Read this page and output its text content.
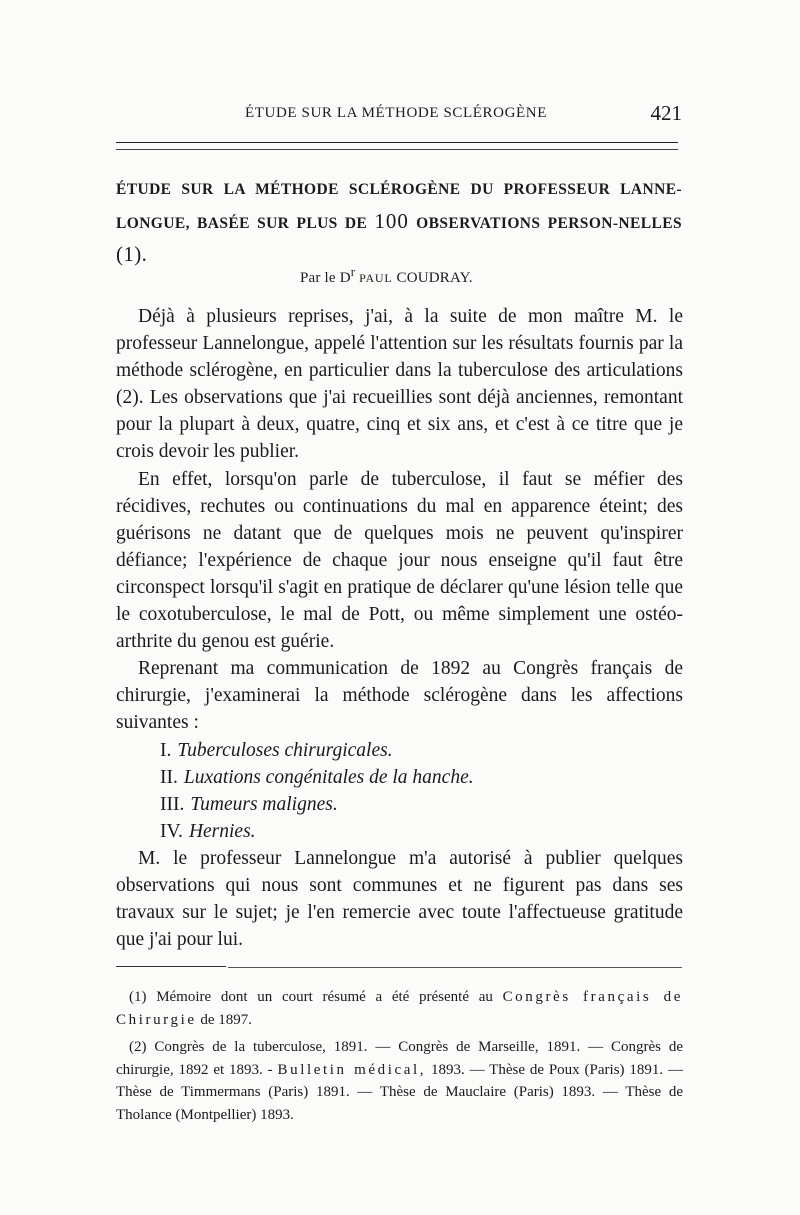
ÉTUDE SUR LA MÉTHODE SCLÉROGÈNE	421

ÉTUDE SUR LA MÉTHODE SCLÉROGÈNE DU PROFESSEUR LANNE-LONGUE, BASÉE SUR PLUS DE 100 OBSERVATIONS PERSON-NELLES (1).

Par le $D^r$ PAUL COUDRAY.

Déjà à plusieurs reprises, j'ai, à la suite de mon maître M. le professeur Lannelongue, appelé l'attention sur les résultats fournis par la méthode sclérogène, en particulier dans la tuberculose des articulations (2). Les observations que j'ai recueillies sont déjà anciennes, remontant pour la plupart à deux, quatre, cinq et six ans, et c'est à ce titre que je crois devoir les publier.

En effet, lorsqu'on parle de tuberculose, il faut se méfier des récidives, rechutes ou continuations du mal en apparence éteint; des guérisons ne datant que de quelques mois ne peuvent qu'inspirer défiance; l'expérience de chaque jour nous enseigne qu'il faut être circonspect lorsqu'il s'agit en pratique de déclarer qu'une lésion telle que le coxotuberculose, le mal de Pott, ou même simplement une ostéo-arthrite du genou est guérie.

Reprenant ma communication de 1892 au Congrès français de chirurgie, j'examinerai la méthode sclérogène dans les affections suivantes :

I. Tuberculoses chirurgicales.
II. Luxations congénitales de la hanche.
III. Tumeurs malignes.
IV. Hernies.

M. le professeur Lannelongue m'a autorisé à publier quelques observations qui nous sont communes et ne figurent pas dans ses travaux sur le sujet; je l'en remercie avec toute l'affectueuse gratitude que j'ai pour lui.

(1) Mémoire dont un court résumé a été présenté au Congrès français de Chirurgie de 1897.

(2) Congrès de la tuberculose, 1891. — Congrès de Marseille, 1891. — Congrès de chirurgie, 1892 et 1893. - Bulletin médical, 1893. — Thèse de Poux (Paris) 1891. — Thèse de Timmermans (Paris) 1891. — Thèse de Mauclaire (Paris) 1893. — Thèse de Tholance (Montpellier) 1893.
